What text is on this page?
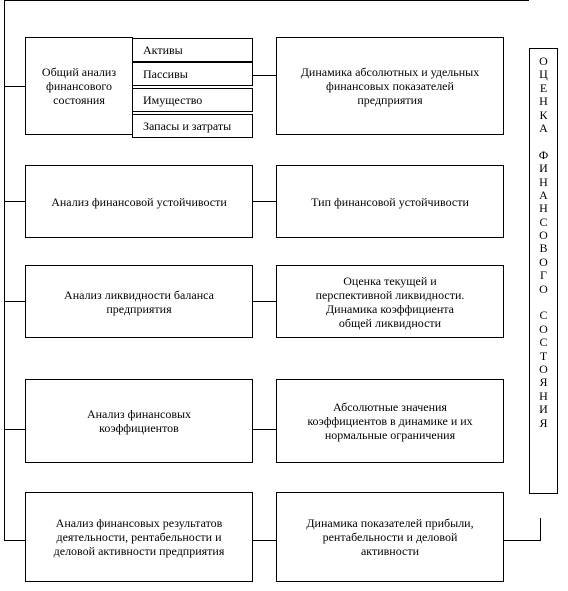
Общий анализ
финансового
состояния
Активы
Пассивы
Имущество
Запасы и затраты
Анализ финансовой устойчивости
Анализ ликвидности баланса
предприятия
Анализ финансовых
коэффициентов
Анализ финансовых результатов
деятельности, рентабельности и
деловой активности предприятия
Динамика абсолютных и удельных
финансовых показателей
предприятия
Тип финансовой устойчивости
Оценка текущей и
перспективной ликвидности.
Динамика коэффициента
общей ликвидности
Абсолютные значения
коэффициентов в динамике и их
нормальные ограничения
Динамика показателей прибыли,
рентабельности и деловой
активности
О
Ц
Е
Н
К
А

Ф
И
Н
А
Н
С
О
В
О
Г
О

С
О
С
Т
О
Я
Н
И
Я
